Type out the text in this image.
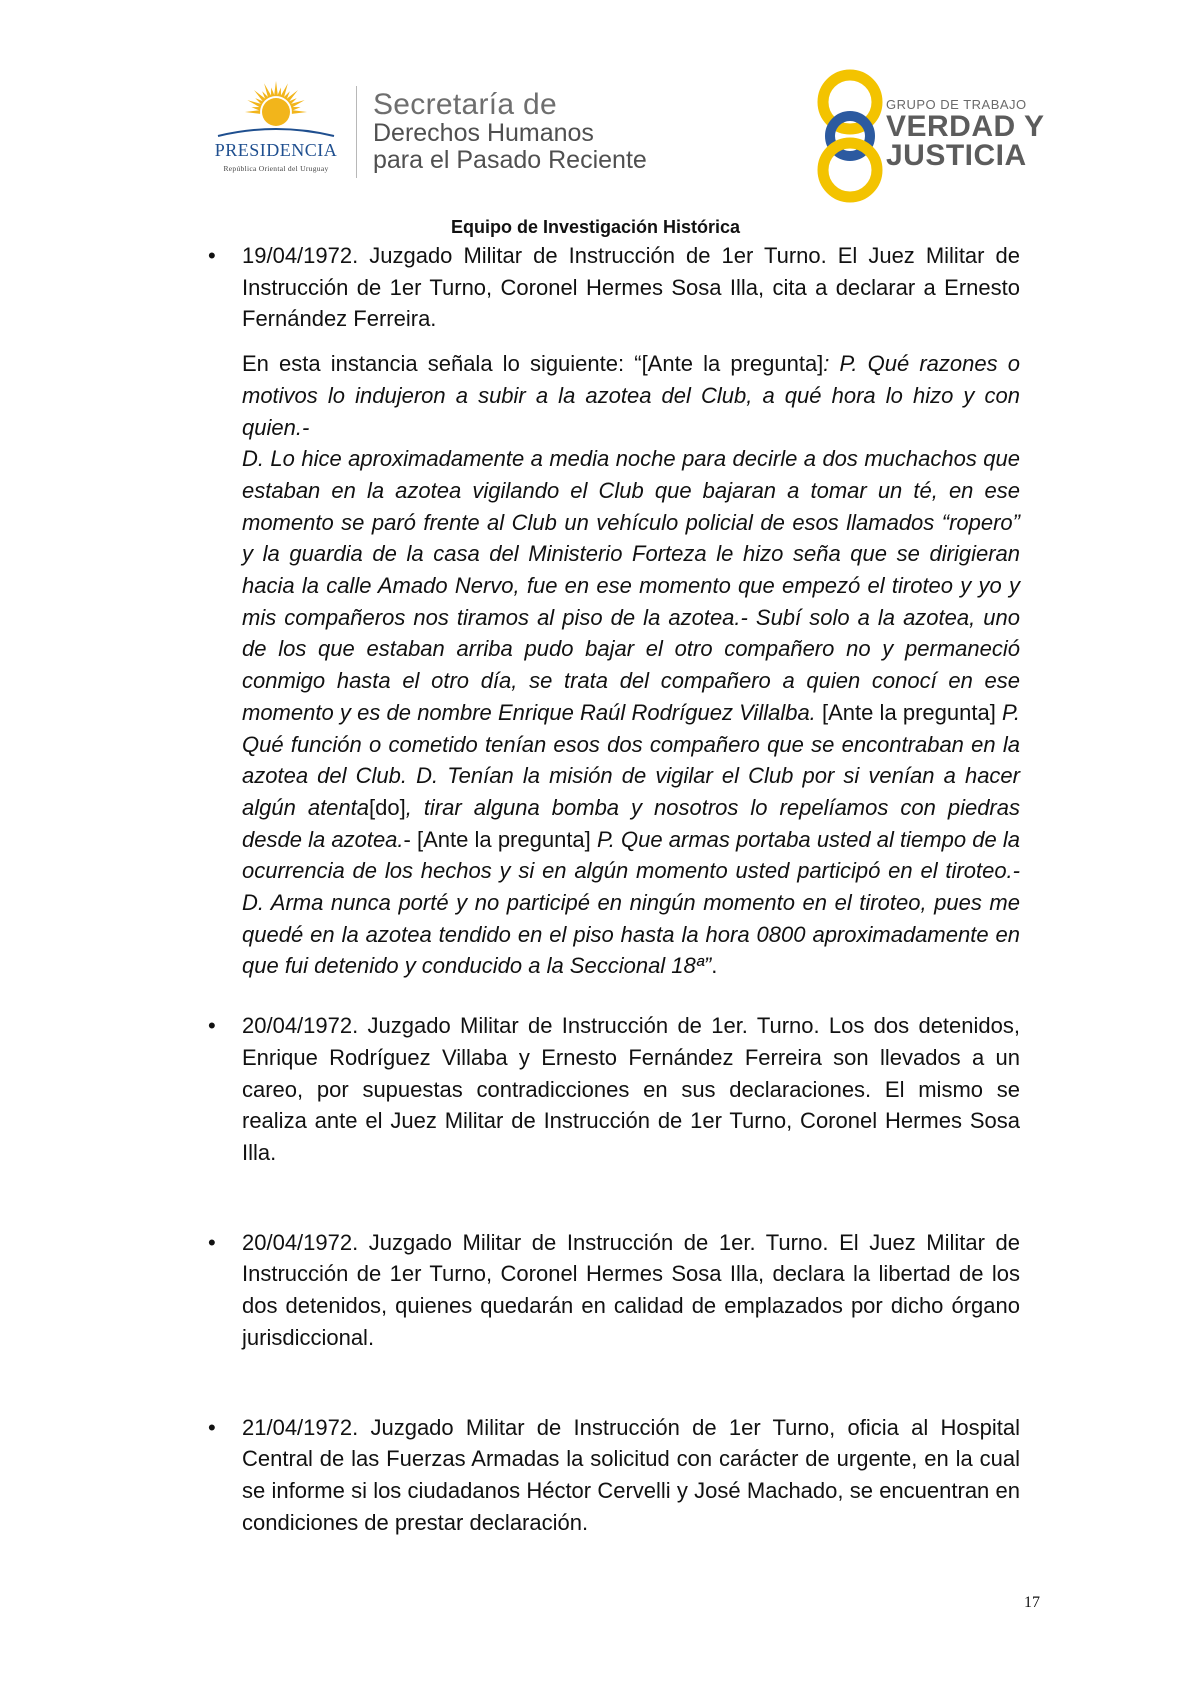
PRESIDENCIA
República Oriental del Uruguay
Secretaría de
Derechos Humanos
para el Pasado Reciente
GRUPO DE TRABAJO
VERDAD Y
JUSTICIA
Equipo de Investigación Histórica
• 19/04/1972. Juzgado Militar de Instrucción de 1er Turno. El Juez Militar de Instrucción de 1er Turno, Coronel Hermes Sosa Illa, cita a declarar a Ernesto Fernández Ferreira.

En esta instancia señala lo siguiente: “[Ante la pregunta]: P. Qué razones o motivos lo indujeron a subir a la azotea del Club, a qué hora lo hizo y con quien.-
D. Lo hice aproximadamente a media noche para decirle a dos muchachos que estaban en la azotea vigilando el Club que bajaran a tomar un té, en ese momento se paró frente al Club un vehículo policial de esos llamados “ropero” y la guardia de la casa del Ministerio Forteza le hizo seña que se dirigieran hacia la calle Amado Nervo, fue en ese momento que empezó el tiroteo y yo y mis compañeros nos tiramos al piso de la azotea.- Subí solo a la azotea, uno de los que estaban arriba pudo bajar el otro compañero no y permaneció conmigo hasta el otro día, se trata del compañero a quien conocí en ese momento y es de nombre Enrique Raúl Rodríguez Villalba. [Ante la pregunta] P. Qué función o cometido tenían esos dos compañero que se encontraban en la azotea del Club. D. Tenían la misión de vigilar el Club por si venían a hacer algún atenta[do], tirar alguna bomba y nosotros lo repelíamos con piedras desde la azotea.- [Ante la pregunta] P. Que armas portaba usted al tiempo de la ocurrencia de los hechos y si en algún momento usted participó en el tiroteo.- D. Arma nunca porté y no participé en ningún momento en el tiroteo, pues me quedé en la azotea tendido en el piso hasta la hora 0800 aproximadamente en que fui detenido y conducido a la Seccional 18ª”.

• 20/04/1972. Juzgado Militar de Instrucción de 1er. Turno. Los dos detenidos, Enrique Rodríguez Villaba y Ernesto Fernández Ferreira son llevados a un careo, por supuestas contradicciones en sus declaraciones. El mismo se realiza ante el Juez Militar de Instrucción de 1er Turno, Coronel Hermes Sosa Illa.

• 20/04/1972. Juzgado Militar de Instrucción de 1er. Turno. El Juez Militar de Instrucción de 1er Turno, Coronel Hermes Sosa Illa, declara la libertad de los dos detenidos, quienes quedarán en calidad de emplazados por dicho órgano jurisdiccional.

• 21/04/1972. Juzgado Militar de Instrucción de 1er Turno, oficia al Hospital Central de las Fuerzas Armadas la solicitud con carácter de urgente, en la cual se informe si los ciudadanos Héctor Cervelli y José Machado, se encuentran en condiciones de prestar declaración.

17
